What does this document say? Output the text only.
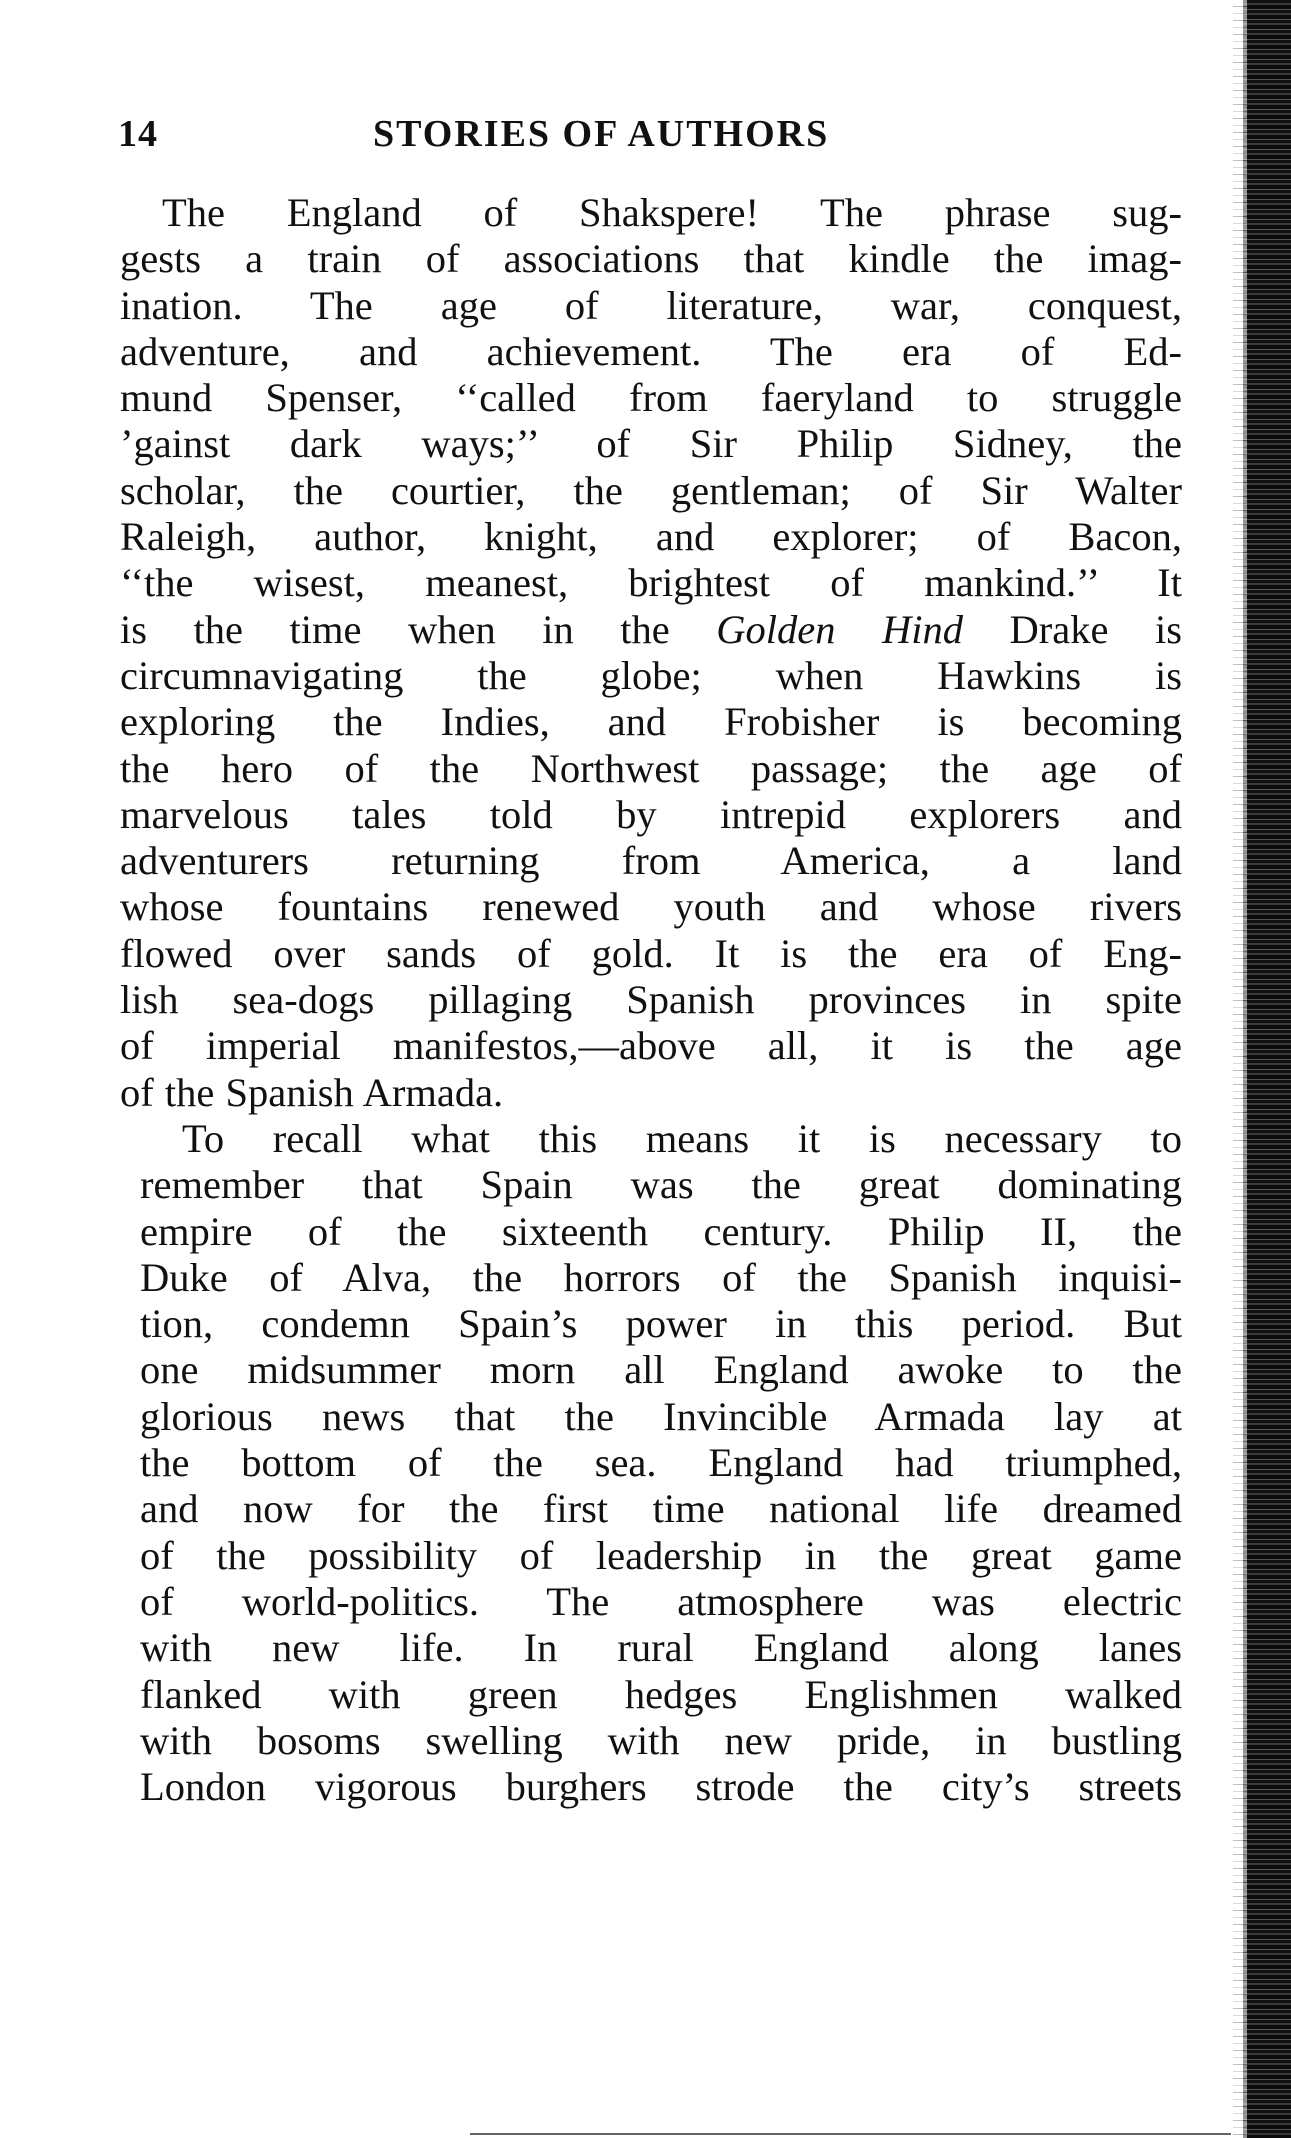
14	STORIES OF AUTHORS
The England of Shakspere! The phrase sug-
gests a train of associations that kindle the imag-
ination. The age of literature, war, conquest,
adventure, and achievement. The era of Ed-
mund Spenser, ‘‘called from faeryland to struggle
’gainst dark ways;’’ of Sir Philip Sidney, the
scholar, the courtier, the gentleman; of Sir Walter
Raleigh, author, knight, and explorer; of Bacon,
‘‘the wisest, meanest, brightest of mankind.’’ It
is the time when in the Golden Hind Drake is
circumnavigating the globe; when Hawkins is
exploring the Indies, and Frobisher is becoming
the hero of the Northwest passage; the age of
marvelous tales told by intrepid explorers and
adventurers returning from America, a land
whose fountains renewed youth and whose rivers
flowed over sands of gold. It is the era of Eng-
lish sea-dogs pillaging Spanish provinces in spite
of imperial manifestos,—above all, it is the age
of the Spanish Armada.
To recall what this means it is necessary to
remember that Spain was the great dominating
empire of the sixteenth century. Philip II, the
Duke of Alva, the horrors of the Spanish inquisi-
tion, condemn Spain’s power in this period. But
one midsummer morn all England awoke to the
glorious news that the Invincible Armada lay at
the bottom of the sea. England had triumphed,
and now for the first time national life dreamed
of the possibility of leadership in the great game
of world-politics. The atmosphere was electric
with new life. In rural England along lanes
flanked with green hedges Englishmen walked
with bosoms swelling with new pride, in bustling
London vigorous burghers strode the city’s streets
